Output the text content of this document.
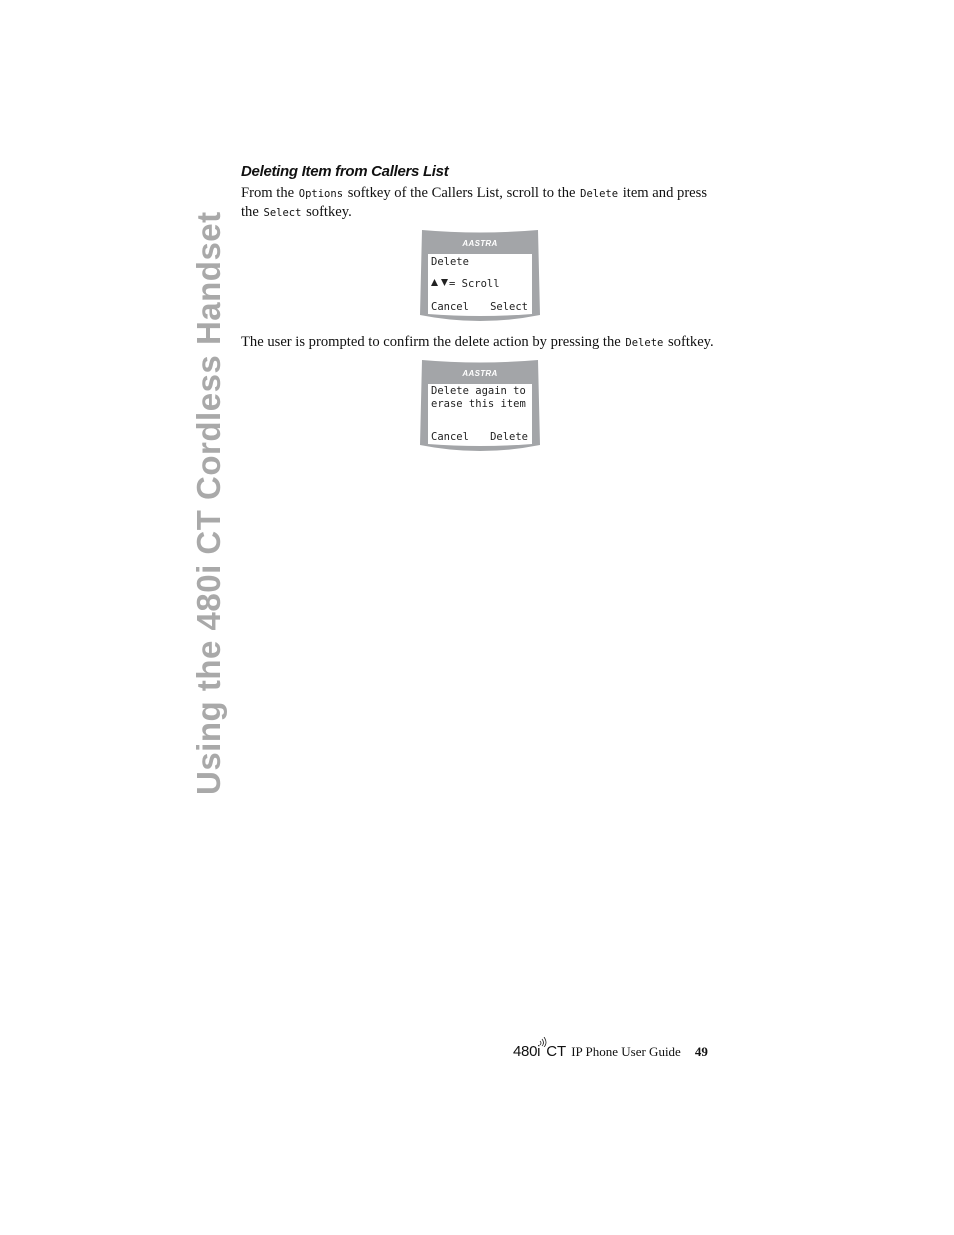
Using the 480i CT Cordless Handset
Deleting Item from Callers List

From the Options softkey of the Callers List, scroll to the Delete item and press the Select softkey.

AASTRA
Delete
= Scroll
Cancel Select

The user is prompted to confirm the delete action by pressing the Delete softkey.

AASTRA
Delete again to
erase this item
Cancel Delete
480i CT IP Phone User Guide 49
